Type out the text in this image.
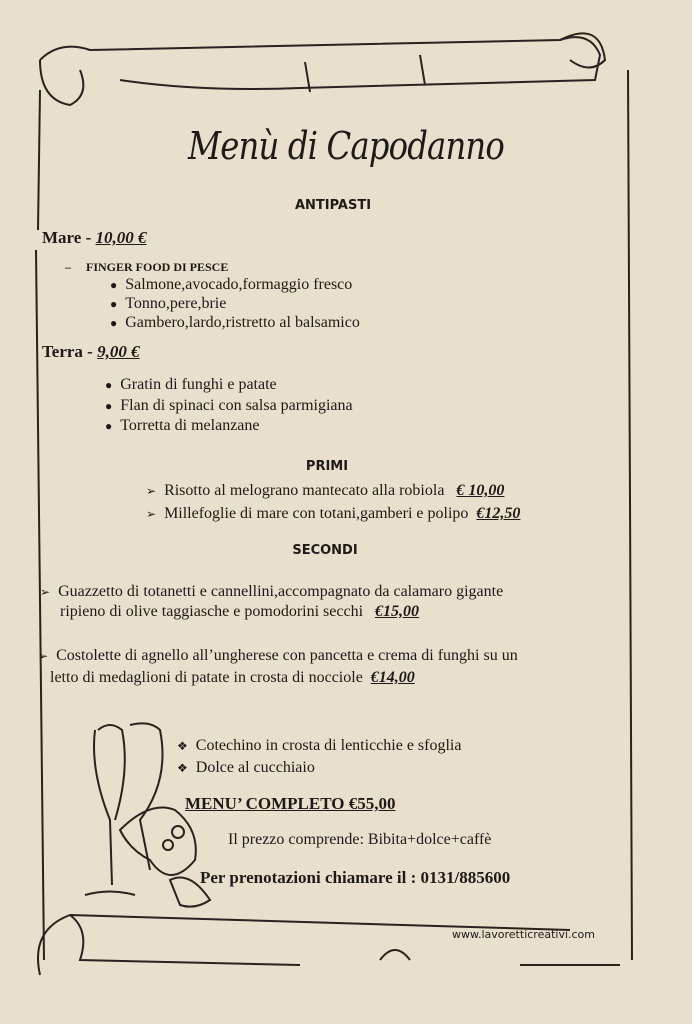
Menù di Capodanno
ANTIPASTI
Mare - 10,00 €
–     FINGER FOOD DI PESCE
● Salmone,avocado,formaggio fresco
● Tonno,pere,brie
● Gambero,lardo,ristretto al balsamico
Terra - 9,00 €
● Gratin di funghi e patate
● Flan di spinaci con salsa parmigiana
● Torretta di melanzane
PRIMI
➢ Risotto al melograno mantecato alla robiola € 10,00
➢ Millefoglie di mare con totani,gamberi e polipo €12,50
SECONDI
➢ Guazzetto di totanetti e cannellini,accompagnato da calamaro gigante
ripieno di olive taggiasche e pomodorini secchi €15,00
➢ Costolette di agnello all’ungherese con pancetta e crema di funghi su un
letto di medaglioni di patate in crosta di nocciole €14,00
❖ Cotechino in crosta di lenticchie e sfoglia
❖ Dolce al cucchiaio
MENU’ COMPLETO €55,00
Il prezzo comprende: Bibita+dolce+caffè
Per prenotazioni chiamare il : 0131/885600
www.lavoretticreativi.com
